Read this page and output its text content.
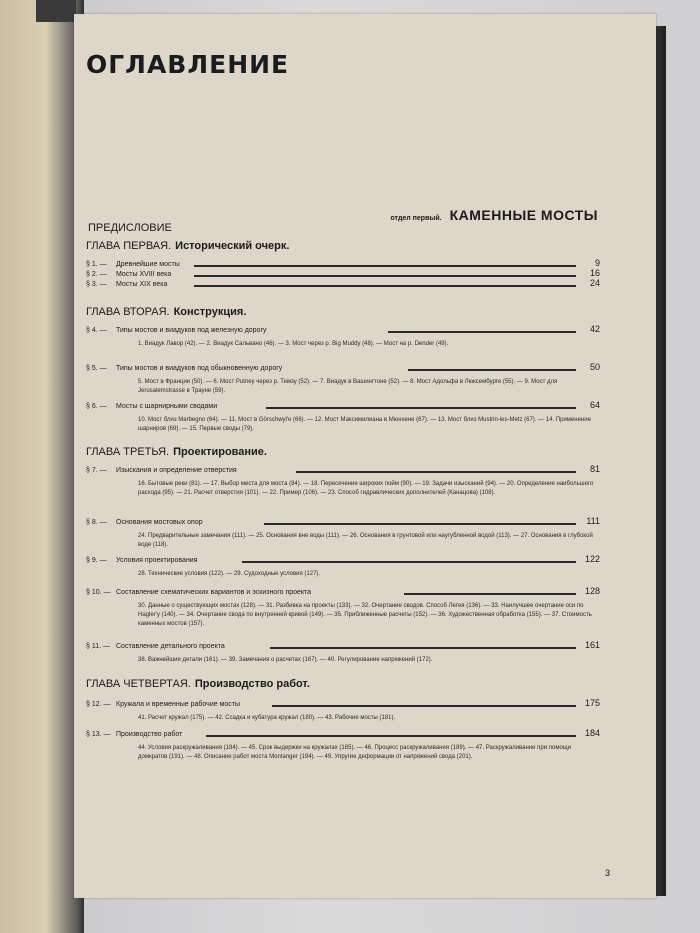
ОГЛАВЛЕНИЕ
отдел первый. КАМЕННЫЕ МОСТЫ
ПРЕДИСЛОВИЕ
ГЛАВА ПЕРВАЯ. Исторический очерк.
§ 1. — Древнейшие мосты	9
§ 2. — Мосты XVIII века	16
§ 3. — Мосты XIX века	24
ГЛАВА ВТОРАЯ. Конструкция.
§ 4. — Типы мостов и виадуков под железную дорогу	42
1. Виадук Лавор (42). — 2. Виадук Сальвано (46). — 3. Мост через р. Big Muddy (48). — Мост на р. Dender (49).
§ 5. — Типы мостов и виадуков под обыкновенную дорогу	50
5. Мост в Франции (50). — 6. Мост Putney через р. Темзу (52). — 7. Виадук в Вашингтоне (52). — 8. Мост Адольфа в Люксембурге (55). — 9. Мост для Jerusalemstrasse в Трауне (59).
§ 6. — Мосты с шарнирными сводами	64
10. Мост близ Marbegno (64). — 11. Мост в Görschwyl'e (66). — 12. Мост Максимилиана в Мюнхене (67). — 13. Мост близ Mustrin-les-Metz (67). — 14. Применение шарниров (69). — 15. Первые своды (79).
ГЛАВА ТРЕТЬЯ. Проектирование.
§ 7. — Изыскания и определение отверстия	81
16. Бытовые реки (81). — 17. Выбор места для моста (84). — 18. Пересечение широких пойм (90). — 19. Задачи изысканий (94). — 20. Определение наибольшего расхода (95). — 21. Расчет отверстия (101). — 22. Пример (106). — 23. Способ гидравлических дополнителей (Канацова) (108).
§ 8. — Основания мостовых опор	111
24. Предварительные замечания (111). — 25. Основания вне воды (111). — 26. Основания в грунтовой или наугубленной водой (113). — 27. Основания в глубокой воде (118).
§ 9. — Условия проектирования	122
28. Технические условия (122). — 29. Судоходные условия (127).
§ 10. — Составление схематических вариантов и эскизного проекта	128
30. Данные о существующих мостах (128). — 31. Разбивка на проекты (133). — 32. Очертание сводов. Способ Легея (136). — 33. Наилучшее очертание оси по Hagler'y (140). — 34. Очертание свода по внутренней кривой (149). — 35. Приближенные расчеты (152). — 36. Художественная обработка (155). — 37. Стоимость каменных мостов (157).
§ 11. — Составление детального проекта	161
38. Важнейшие детали (161). — 39. Замечания о расчетах (167). — 40. Регулирование напряжений (172).
ГЛАВА ЧЕТВЕРТАЯ. Производство работ.
§ 12. — Кружала и временные рабочие мосты	175
41. Расчет кружал (175). — 42. Ссадка и кубатура кружал (180). — 43. Рабочие мосты (181).
§ 13. — Производство работ	184
44. Условия раскружаливания (184). — 45. Срок выдержки на кружалах (185). — 46. Процесс раскружаливания (189). — 47. Раскружаливание при помощи домкратов (191). — 48. Описание работ моста Montanger (194). — 49. Упругие деформации от напряжений свода (201).
3
